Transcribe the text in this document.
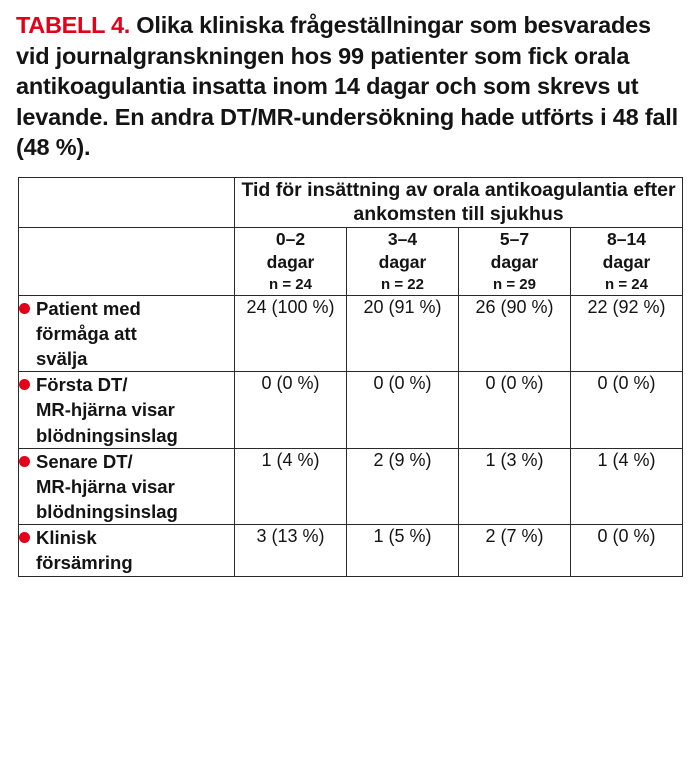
TABELL 4. Olika kliniska frågeställningar som besvarades vid journalgranskningen hos 99 patienter som fick orala antikoagulantia insatta inom 14 dagar och som skrevs ut levande. En andra DT/MR-undersökning hade utförts i 48 fall (48 %).

	Tid för insättning av orala antikoagulantia efter ankomsten till sjukhus			

	0–2
dagar
n = 24	3–4
dagar
n = 22	5–7
dagar
n = 29	8–14
dagar
n = 24

Patient med
förmåga att
svälja	24 (100 %)	20 (91 %)	26 (90 %)	22 (92 %)
Första DT/
MR-hjärna visar
blödningsinslag	0 (0 %)	0 (0 %)	0 (0 %)	0 (0 %)
Senare DT/
MR-hjärna visar
blödningsinslag	1 (4 %)	2 (9 %)	1 (3 %)	1 (4 %)
Klinisk
försämring	3 (13 %)	1 (5 %)	2 (7 %)	0 (0 %)
